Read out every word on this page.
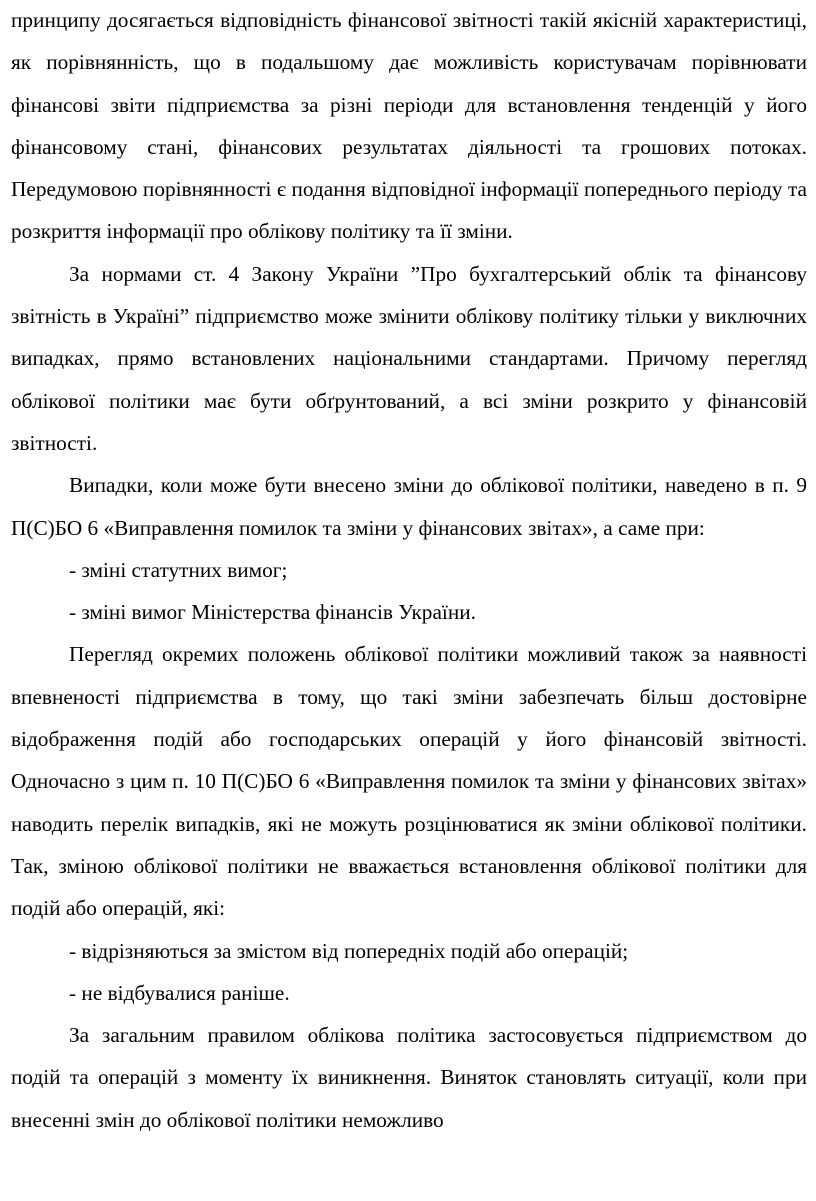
принципу досягається відповідність фінансової звітності такій якісній характеристиці, як порівнянність, що в подальшому дає можливість користувачам порівнювати фінансові звіти підприємства за різні періоди для встановлення тенденцій у його фінансовому стані, фінансових результатах діяльності та грошових потоках. Передумовою порівнянності є подання відповідної інформації попереднього періоду та розкриття інформації про облікову політику та її зміни.

За нормами ст. 4 Закону України ”Про бухгалтерський облік та фінансову звітність в Україні” підприємство може змінити облікову політику тільки у виключних випадках, прямо встановлених національними стандартами. Причому перегляд облікової політики має бути обґрунтований, а всі зміни розкрито у фінансовій звітності.

Випадки, коли може бути внесено зміни до облікової політики, наведено в п. 9 П(С)БО 6 «Виправлення помилок та зміни у фінансових звітах», а саме при:

- зміні статутних вимог;

- зміні вимог Міністерства фінансів України.

Перегляд окремих положень облікової політики можливий також за наявності впевненості підприємства в тому, що такі зміни забезпечать більш достовірне відображення подій або господарських операцій у його фінансовій звітності. Одночасно з цим п. 10 П(С)БО 6 «Виправлення помилок та зміни у фінансових звітах» наводить перелік випадків, які не можуть розцінюватися як зміни облікової політики. Так, зміною облікової політики не вважається встановлення облікової політики для подій або операцій, які:

- відрізняються за змістом від попередніх подій або операцій;

- не відбувалися раніше.

За загальним правилом облікова політика застосовується підприємством до подій та операцій з моменту їх виникнення. Виняток становлять ситуації, коли при внесенні змін до облікової політики неможливо
